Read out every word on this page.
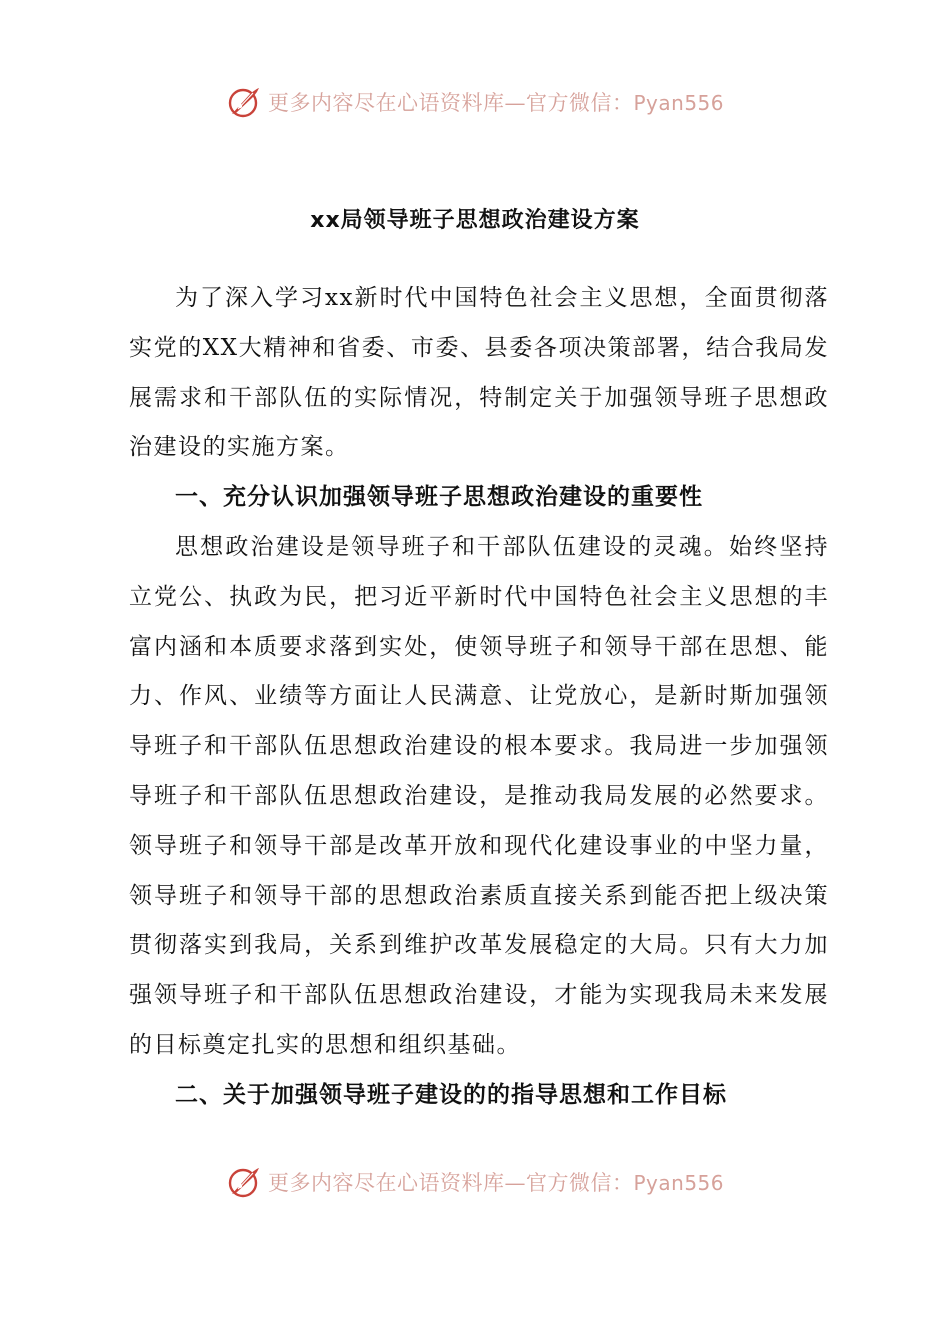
更多内容尽在心语资料库—官方微信：Pyan556
xx局领导班子思想政治建设方案

为了深入学习xx新时代中国特色社会主义思想，全面贯彻落实党的XX大精神和省委、市委、县委各项决策部署，结合我局发展需求和干部队伍的实际情况，特制定关于加强领导班子思想政治建设的实施方案。

一、充分认识加强领导班子思想政治建设的重要性

思想政治建设是领导班子和干部队伍建设的灵魂。始终坚持立党公、执政为民，把习近平新时代中国特色社会主义思想的丰富内涵和本质要求落到实处，使领导班子和领导干部在思想、能力、作风、业绩等方面让人民满意、让党放心，是新时斯加强领导班子和干部队伍思想政治建设的根本要求。我局进一步加强领导班子和干部队伍思想政治建设，是推动我局发展的必然要求。领导班子和领导干部是改革开放和现代化建设事业的中坚力量，领导班子和领导干部的思想政治素质直接关系到能否把上级决策贯彻落实到我局，关系到维护改革发展稳定的大局。只有大力加强领导班子和干部队伍思想政治建设，才能为实现我局未来发展的目标奠定扎实的思想和组织基础。

二、关于加强领导班子建设的的指导思想和工作目标

更多内容尽在心语资料库—官方微信：Pyan556
